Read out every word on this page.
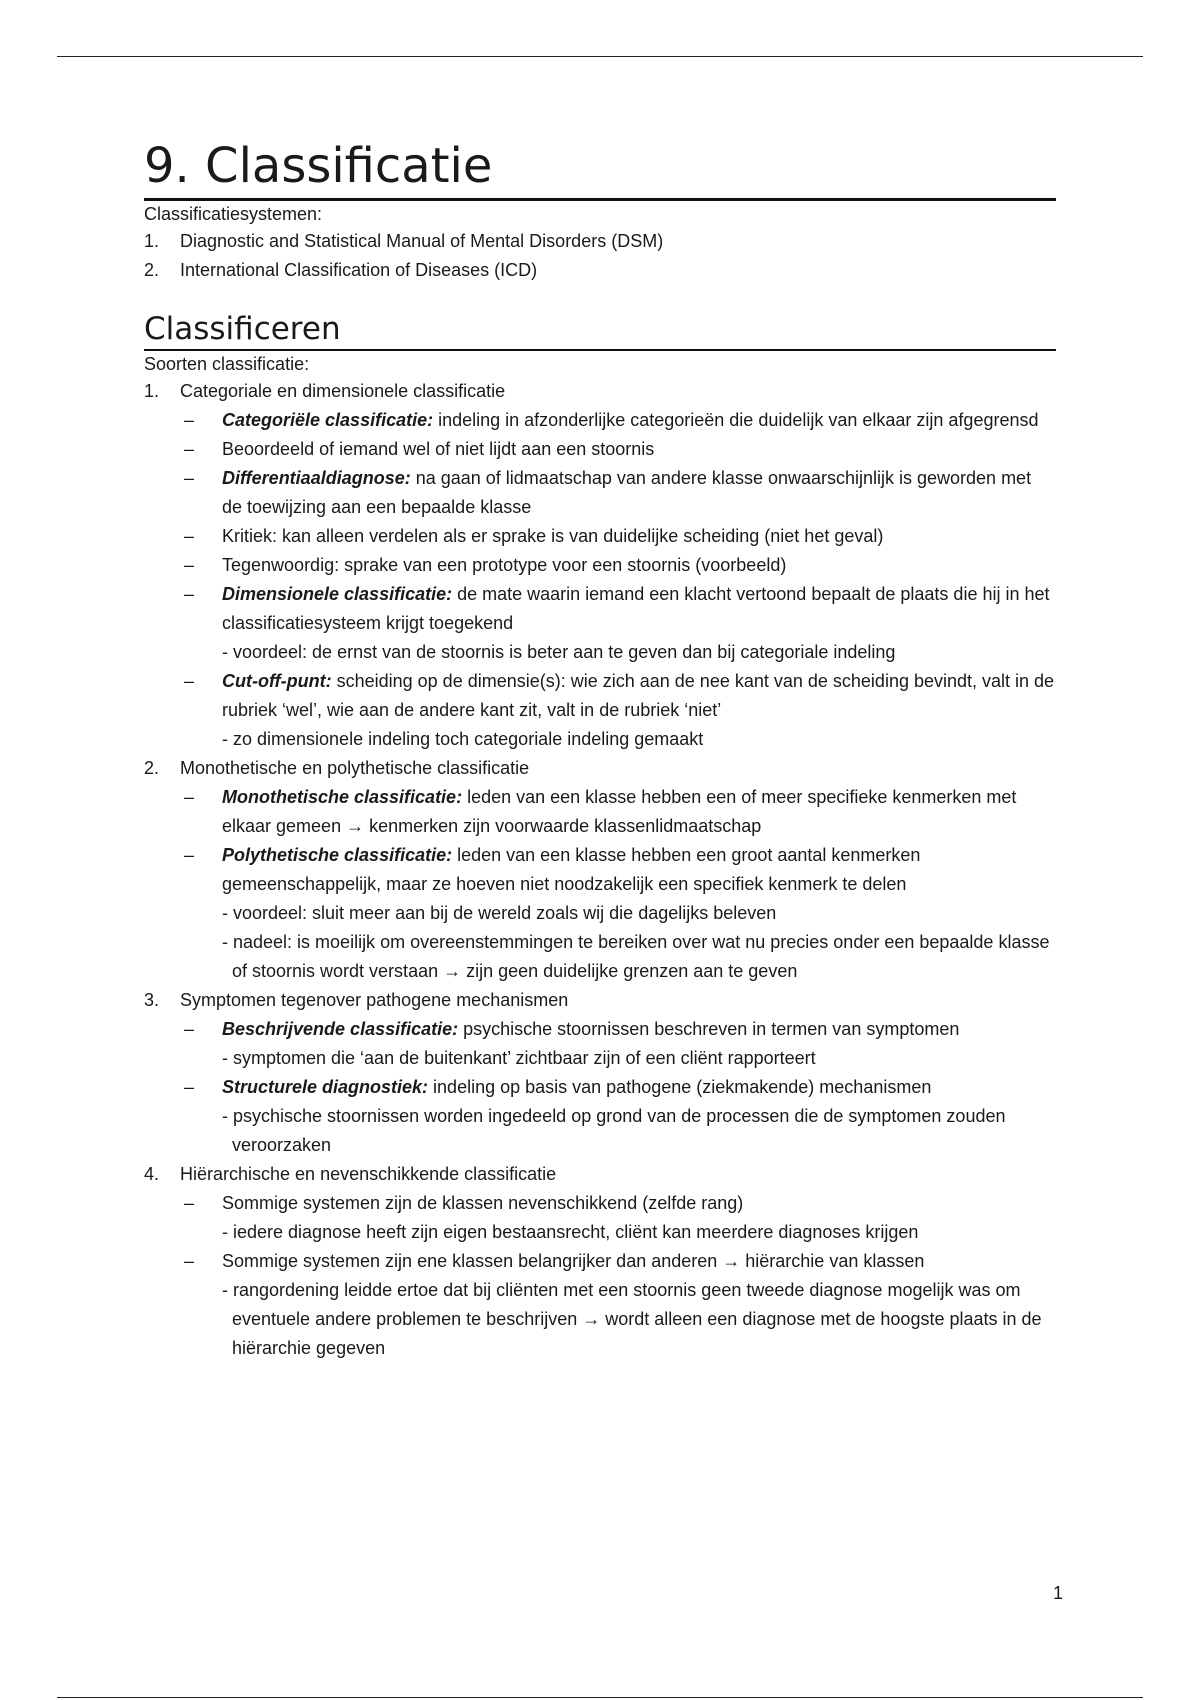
9. Classificatie

Classificatiesystemen:

1.	Diagnostic and Statistical Manual of Mental Disorders (DSM)
2.	International Classification of Diseases (ICD)
Classificeren

Soorten classificatie:

1.	Categoriale en dimensionele classificatie
–	Categoriële classificatie: indeling in afzonderlijke categorieën die duidelijk van elkaar zijn afgegrensd
–	Beoordeeld of iemand wel of niet lijdt aan een stoornis
–	Differentiaaldiagnose: na gaan of lidmaatschap van andere klasse onwaarschijnlijk is geworden met de toewijzing aan een bepaalde klasse
–	Kritiek: kan alleen verdelen als er sprake is van duidelijke scheiding (niet het geval)
–	Tegenwoordig: sprake van een prototype voor een stoornis (voorbeeld)
–	Dimensionele classificatie: de mate waarin iemand een klacht vertoond bepaalt de plaats die hij in het classificatiesysteem krijgt toegekend
- voordeel: de ernst van de stoornis is beter aan te geven dan bij categoriale indeling
–	Cut-off-punt: scheiding op de dimensie(s): wie zich aan de nee kant van de scheiding bevindt, valt in de rubriek ‘wel’, wie aan de andere kant zit, valt in de rubriek ‘niet’
- zo dimensionele indeling toch categoriale indeling gemaakt
2.	Monothetische en polythetische classificatie
–	Monothetische classificatie: leden van een klasse hebben een of meer specifieke kenmerken met elkaar gemeen → kenmerken zijn voorwaarde klassenlidmaatschap
–	Polythetische classificatie: leden van een klasse hebben een groot aantal kenmerken gemeenschappelijk, maar ze hoeven niet noodzakelijk een specifiek kenmerk te delen
- voordeel: sluit meer aan bij de wereld zoals wij die dagelijks beleven
- nadeel: is moeilijk om overeenstemmingen te bereiken over wat nu precies onder een bepaalde klasse of stoornis wordt verstaan → zijn geen duidelijke grenzen aan te geven
3.	Symptomen tegenover pathogene mechanismen
–	Beschrijvende classificatie: psychische stoornissen beschreven in termen van symptomen
- symptomen die ‘aan de buitenkant’ zichtbaar zijn of een cliënt rapporteert
–	Structurele diagnostiek: indeling op basis van pathogene (ziekmakende) mechanismen
- psychische stoornissen worden ingedeeld op grond van de processen die de symptomen zouden veroorzaken
4.	Hiërarchische en nevenschikkende classificatie
–	Sommige systemen zijn de klassen nevenschikkend (zelfde rang)
- iedere diagnose heeft zijn eigen bestaansrecht, cliënt kan meerdere diagnoses krijgen
–	Sommige systemen zijn ene klassen belangrijker dan anderen → hiërarchie van klassen
- rangordening leidde ertoe dat bij cliënten met een stoornis geen tweede diagnose mogelijk was om eventuele andere problemen te beschrijven → wordt alleen een diagnose met de hoogste plaats in de hiërarchie gegeven
1
